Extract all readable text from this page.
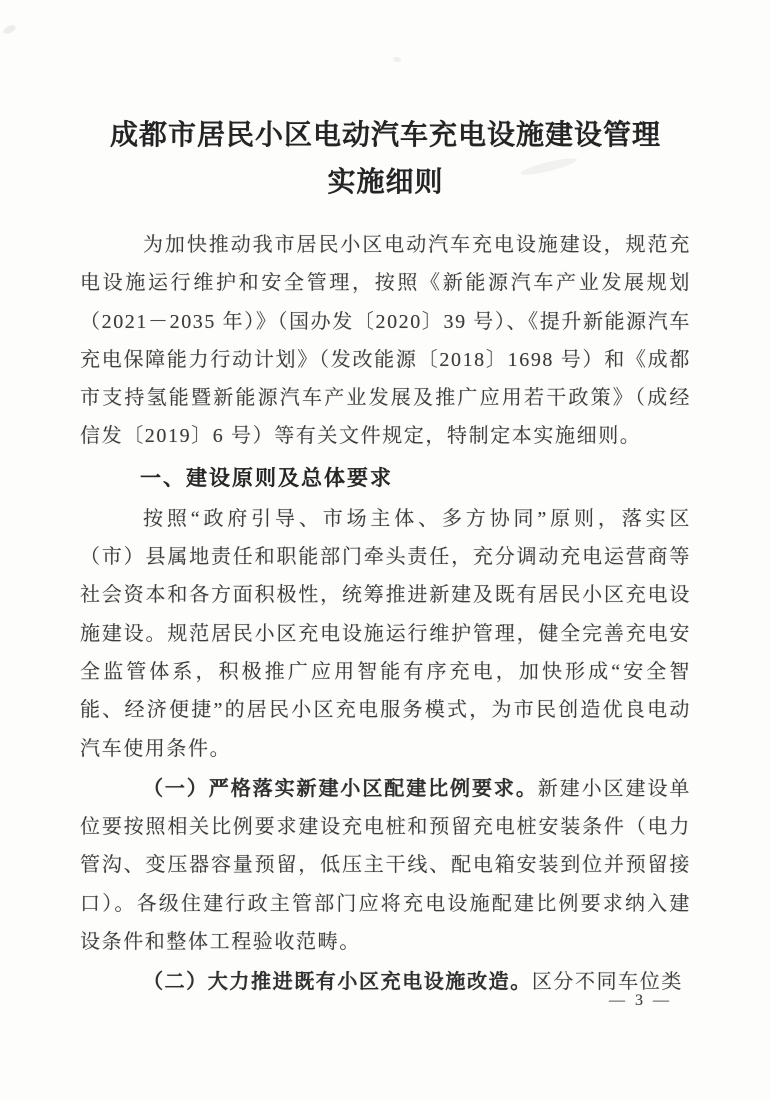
成都市居民小区电动汽车充电设施建设管理
实施细则

为加快推动我市居民小区电动汽车充电设施建设，规范充电设施运行维护和安全管理，按照《新能源汽车产业发展规划（2021－2035 年）》（国办发〔2020〕39 号）、《提升新能源汽车充电保障能力行动计划》（发改能源〔2018〕1698 号）和《成都市支持氢能暨新能源汽车产业发展及推广应用若干政策》（成经信发〔2019〕6 号）等有关文件规定，特制定本实施细则。

一、建设原则及总体要求

按照“政府引导、市场主体、多方协同”原则，落实区（市）县属地责任和职能部门牵头责任，充分调动充电运营商等社会资本和各方面积极性，统筹推进新建及既有居民小区充电设施建设。规范居民小区充电设施运行维护管理，健全完善充电安全监管体系，积极推广应用智能有序充电，加快形成“安全智能、经济便捷”的居民小区充电服务模式，为市民创造优良电动汽车使用条件。

（一）严格落实新建小区配建比例要求。新建小区建设单位要按照相关比例要求建设充电桩和预留充电桩安装条件（电力管沟、变压器容量预留，低压主干线、配电箱安装到位并预留接口）。各级住建行政主管部门应将充电设施配建比例要求纳入建设条件和整体工程验收范畴。

（二）大力推进既有小区充电设施改造。区分不同车位类

— 3 —
